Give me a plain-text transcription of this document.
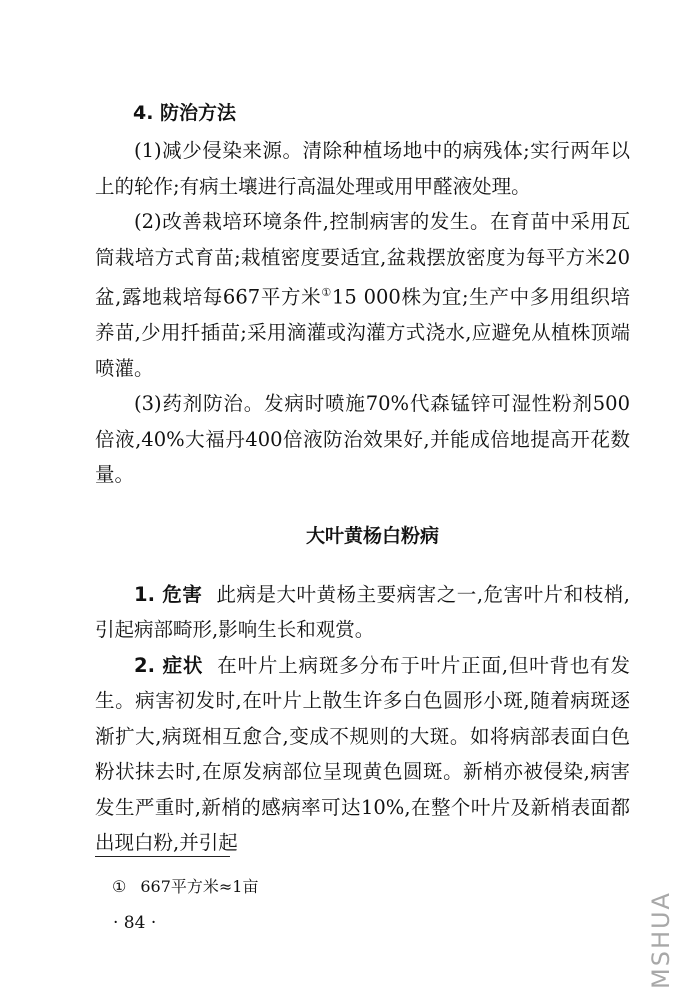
4. 防治方法

(1)减少侵染来源。清除种植场地中的病残体;实行两年以上的轮作;有病土壤进行高温处理或用甲醛液处理。

(2)改善栽培环境条件,控制病害的发生。在育苗中采用瓦筒栽培方式育苗;栽植密度要适宜,盆栽摆放密度为每平方米20盆,露地栽培每667平方米①15 000株为宜;生产中多用组织培养苗,少用扦插苗;采用滴灌或沟灌方式浇水,应避免从植株顶端喷灌。

(3)药剂防治。发病时喷施70%代森锰锌可湿性粉剂500倍液,40%大福丹400倍液防治效果好,并能成倍地提高开花数量。

大叶黄杨白粉病

1. 危害 此病是大叶黄杨主要病害之一,危害叶片和枝梢,引起病部畸形,影响生长和观赏。

2. 症状 在叶片上病斑多分布于叶片正面,但叶背也有发生。病害初发时,在叶片上散生许多白色圆形小斑,随着病斑逐渐扩大,病斑相互愈合,变成不规则的大斑。如将病部表面白色粉状抹去时,在原发病部位呈现黄色圆斑。新梢亦被侵染,病害发生严重时,新梢的感病率可达10%,在整个叶片及新梢表面都出现白粉,并引起

① 667平方米≈1亩
· 84 ·	MSHUA
